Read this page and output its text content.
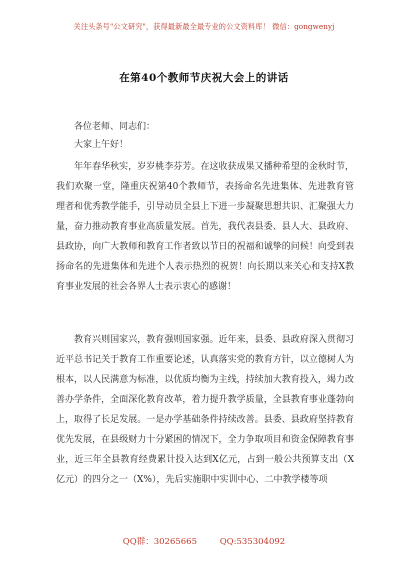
关注头条号"公文研究"，获得最新最全最专业的公文资料库！ 微信：gongwenyj
在第40个教师节庆祝大会上的讲话
各位老师、同志们：
大家上午好！
年年春华秋实，岁岁桃李芬芳。在这收获成果又播种希望的金秋时节，我们欢聚一堂，隆重庆祝第40个教师节，表扬命名先进集体、先进教育管理者和优秀教学能手，引导动员全县上下进一步凝聚思想共识、汇聚强大力量，奋力推动教育事业高质量发展。首先，我代表县委、县人大、县政府、县政协，向广大教师和教育工作者致以节日的祝福和诚挚的问候！向受到表扬命名的先进集体和先进个人表示热烈的祝贺！向长期以来关心和支持X教育事业发展的社会各界人士表示衷心的感谢！
教育兴则国家兴，教育强则国家强。近年来，县委、县政府深入贯彻习近平总书记关于教育工作重要论述，认真落实党的教育方针，以立德树人为根本，以人民满意为标准，以优质均衡为主线，持续加大教育投入，竭力改善办学条件，全面深化教育改革，着力提升教学质量，全县教育事业蓬勃向上，取得了长足发展。一是办学基础条件持续改善。县委、县政府坚持教育优先发展，在县级财力十分紧困的情况下，全力争取项目和资金保障教育事业，近三年全县教育经费累计投入达到X亿元，占到一般公共预算支出（X亿元）的四分之一（X%），先后实施职中实训中心、二中教学楼等项
QQ群：30265665	QQ:535304092
